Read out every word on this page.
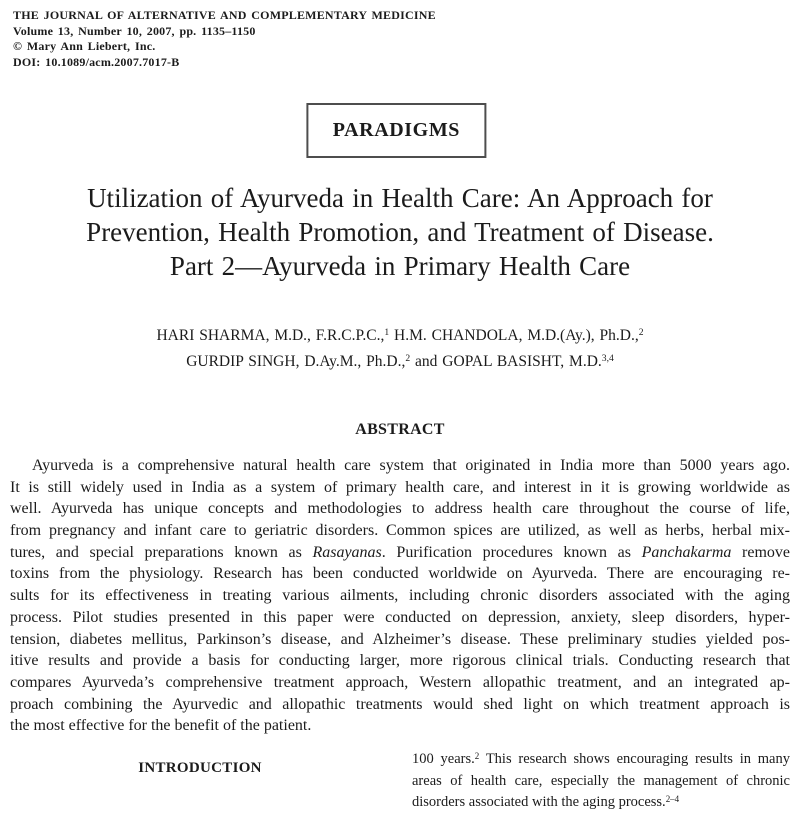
THE JOURNAL OF ALTERNATIVE AND COMPLEMENTARY MEDICINE
Volume 13, Number 10, 2007, pp. 1135–1150
© Mary Ann Liebert, Inc.
DOI: 10.1089/acm.2007.7017-B
PARADIGMS
Utilization of Ayurveda in Health Care: An Approach for
Prevention, Health Promotion, and Treatment of Disease.
Part 2—Ayurveda in Primary Health Care
HARI SHARMA, M.D., F.R.C.P.C.,$^1$ H.M. CHANDOLA, M.D.(Ay.), Ph.D.,$^2$
GURDIP SINGH, D.Ay.M., Ph.D.,$^2$ and GOPAL BASISHT, M.D.$^{3,4}$
ABSTRACT
Ayurveda is a comprehensive natural health care system that originated in India more than 5000 years ago.
It is still widely used in India as a system of primary health care, and interest in it is growing worldwide as
well. Ayurveda has unique concepts and methodologies to address health care throughout the course of life,
from pregnancy and infant care to geriatric disorders. Common spices are utilized, as well as herbs, herbal mix-
tures, and special preparations known as Rasayanas. Purification procedures known as Panchakarma remove
toxins from the physiology. Research has been conducted worldwide on Ayurveda. There are encouraging re-
sults for its effectiveness in treating various ailments, including chronic disorders associated with the aging
process. Pilot studies presented in this paper were conducted on depression, anxiety, sleep disorders, hyper-
tension, diabetes mellitus, Parkinson’s disease, and Alzheimer’s disease. These preliminary studies yielded pos-
itive results and provide a basis for conducting larger, more rigorous clinical trials. Conducting research that
compares Ayurveda’s comprehensive treatment approach, Western allopathic treatment, and an integrated ap-
proach combining the Ayurvedic and allopathic treatments would shed light on which treatment approach is
the most effective for the benefit of the patient.
INTRODUCTION
100 years.$^2$ This research shows encouraging results in many
areas of health care, especially the management of chronic
disorders associated with the aging process.$^{2-4}$
